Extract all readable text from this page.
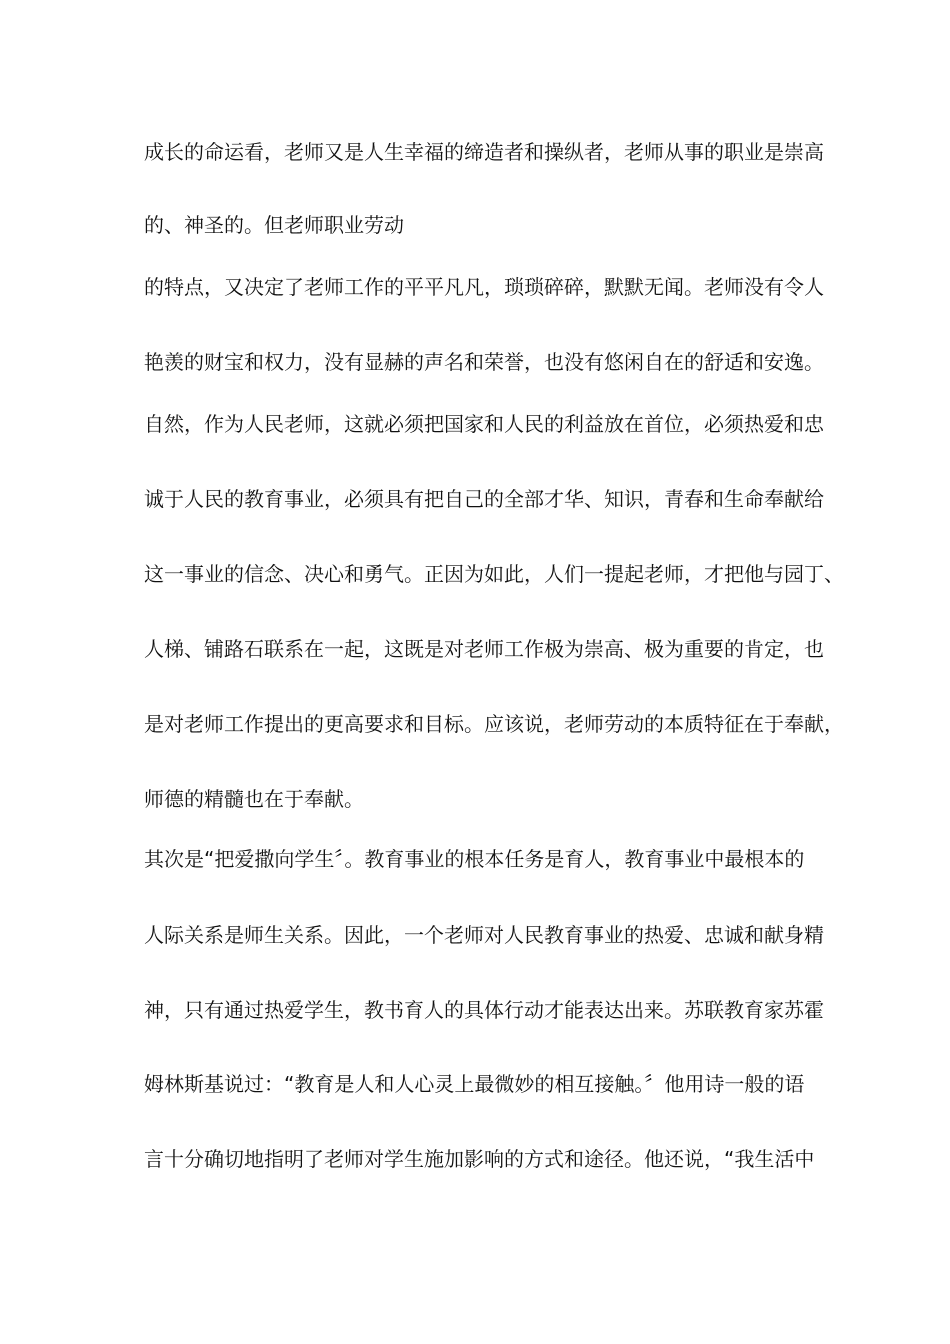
成长的命运看，老师又是人生幸福的缔造者和操纵者，老师从事的职业是崇高
的、神圣的。但老师职业劳动
的特点，又决定了老师工作的平平凡凡，琐琐碎碎，默默无闻。老师没有令人
艳羡的财宝和权力，没有显赫的声名和荣誉，也没有悠闲自在的舒适和安逸。
自然，作为人民老师，这就必须把国家和人民的利益放在首位，必须热爱和忠
诚于人民的教育事业，必须具有把自己的全部才华、知识，青春和生命奉献给
这一事业的信念、决心和勇气。正因为如此，人们一提起老师，才把他与园丁、
人梯、铺路石联系在一起，这既是对老师工作极为崇高、极为重要的肯定，也
是对老师工作提出的更高要求和目标。应该说，老师劳动的本质特征在于奉献，
师德的精髓也在于奉献。
其次是“把爱撒向学生〞。教育事业的根本任务是育人，教育事业中最根本的
人际关系是师生关系。因此，一个老师对人民教育事业的热爱、忠诚和献身精
神，只有通过热爱学生，教书育人的具体行动才能表达出来。苏联教育家苏霍
姆林斯基说过：“教育是人和人心灵上最微妙的相互接触。〞他用诗一般的语
言十分确切地指明了老师对学生施加影响的方式和途径。他还说，“我生活中
